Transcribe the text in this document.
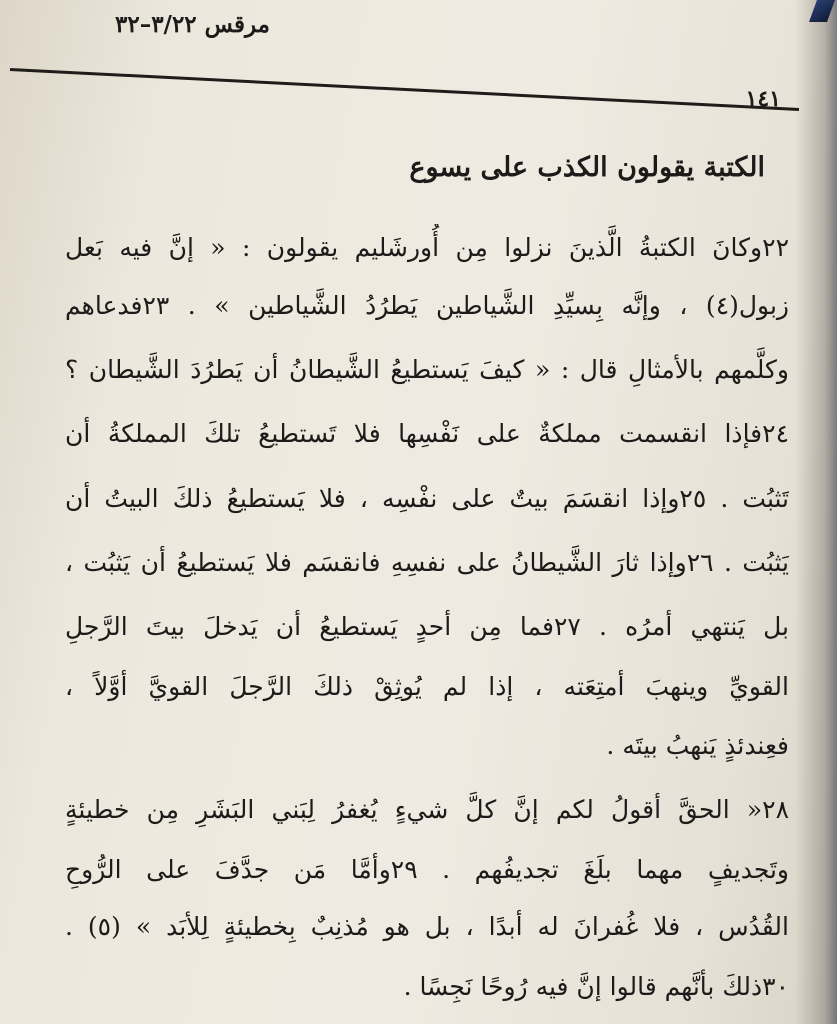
مرقس ٣/٢٢–٣٢
١٤١
الكتبة يقولون الكذب على يسوع
٢٢وكانَ الكتبةُ الَّذينَ نزلوا مِن أُورشَليم يقولون : « إنَّ فيه بَعل
زبول(٤) ، وإنَّه بِسيِّدِ الشَّياطين يَطرُدُ الشَّياطين » . ٢٣فدعاهم
وكلَّمهم بالأمثالِ قال : « كيفَ يَستطيعُ الشَّيطانُ أن يَطرُدَ الشَّيطان ؟
٢٤فإذا انقسمت مملكةٌ على نَفْسِها فلا تَستطيعُ تلكَ المملكةُ أن
تَثبُت . ٢٥وإذا انقسَمَ بيتٌ على نفْسِه ، فلا يَستطيعُ ذلكَ البيتُ أن
يَثبُت . ٢٦وإذا ثارَ الشَّيطانُ على نفسِهِ فانقسَم فلا يَستطيعُ أن يَثبُت ،
بل يَنتهي أمرُه . ٢٧فما مِن أحدٍ يَستطيعُ أن يَدخلَ بيتَ الرَّجلِ
القويِّ وينهبَ أمتِعَته ، إذا لم يُوثِقْ ذلكَ الرَّجلَ القويَّ أوَّلاً ،
فعِندئذٍ يَنهبُ بيتَه .
٢٨« الحقَّ أقولُ لكم إنَّ كلَّ شيءٍ يُغفرُ لِبَني البَشَرِ مِن خطيئةٍ
وتَجديفٍ مهما بلَغَ تجديفُهم . ٢٩وأمَّا مَن جدَّفَ على الرُّوحِ
القُدُس ، فلا غُفرانَ له أبدًا ، بل هو مُذنِبٌ بِخطيئةٍ لِلأبَد » (٥) .
٣٠ذلكَ بأنَّهم قالوا إنَّ فيه رُوحًا نَجِسًا .
